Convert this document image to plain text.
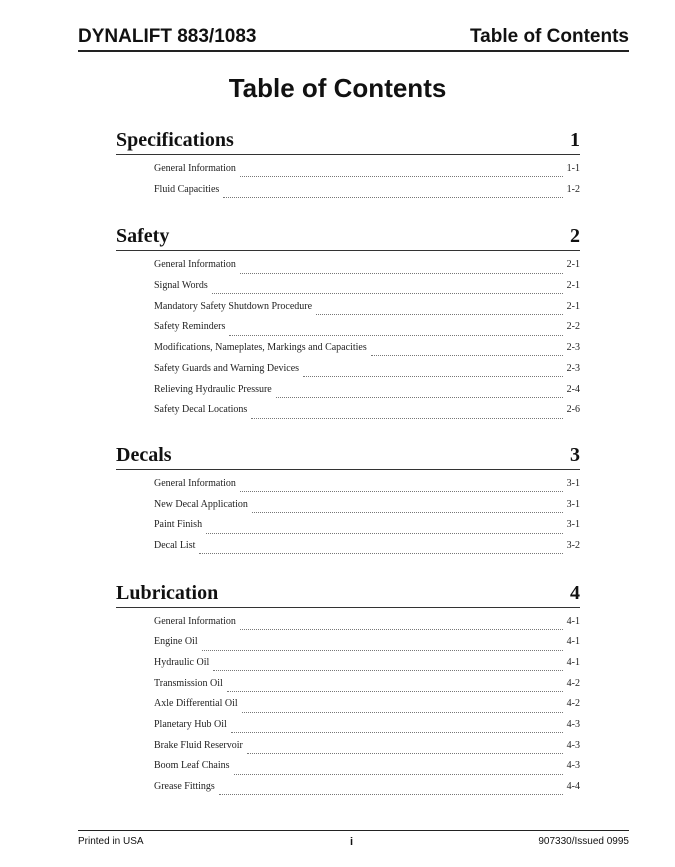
DYNALIFT 883/1083	Table of Contents
Table of Contents
Specifications	1
General Information	1-1
Fluid Capacities	1-2
Safety	2
General Information	2-1
Signal Words	2-1
Mandatory Safety Shutdown Procedure	2-1
Safety Reminders	2-2
Modifications, Nameplates, Markings and Capacities	2-3
Safety Guards and Warning Devices	2-3
Relieving Hydraulic Pressure	2-4
Safety Decal Locations	2-6
Decals	3
General Information	3-1
New Decal Application	3-1
Paint Finish	3-1
Decal List	3-2
Lubrication	4
General Information	4-1
Engine Oil	4-1
Hydraulic Oil	4-1
Transmission Oil	4-2
Axle Differential Oil	4-2
Planetary Hub Oil	4-3
Brake Fluid Reservoir	4-3
Boom Leaf Chains	4-3
Grease Fittings	4-4
Printed in USA	i	907330/Issued 0995
